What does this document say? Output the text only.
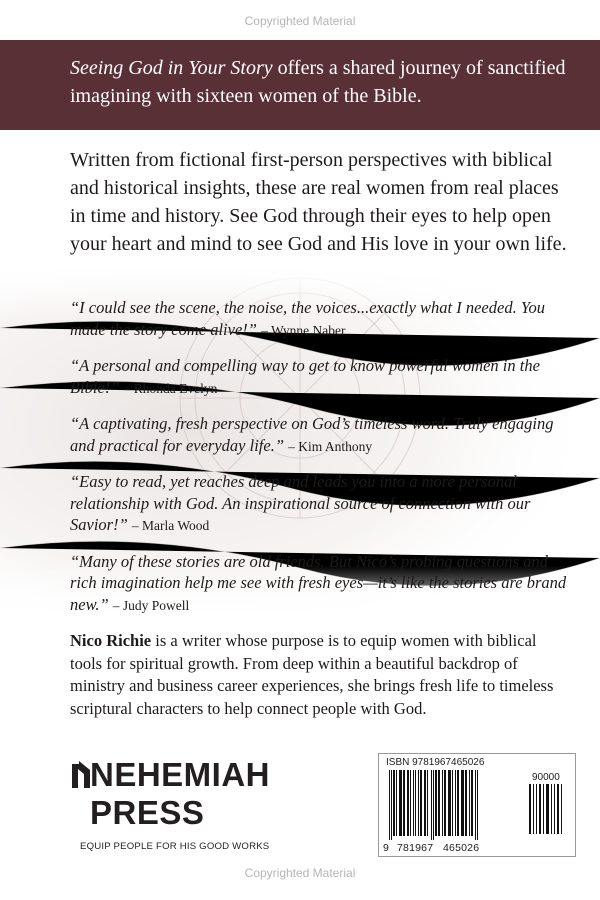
Copyrighted Material
Seeing God in Your Story offers a shared journey of sanctified imagining with sixteen women of the Bible.

Written from fictional first-person perspectives with biblical and historical insights, these are real women from real places in time and history. See God through their eyes to help open your heart and mind to see God and His love in your own life.

“I could see the scene, the noise, the voices...exactly what I needed. You made the story come alive!” – Wynne Naber

“A personal and compelling way to get to know powerful women in the Bible!” – Rhonda Evelyn

“A captivating, fresh perspective on God’s timeless word. Truly engaging and practical for everyday life.” – Kim Anthony

“Easy to read, yet reaches deep and leads you into a more personal relationship with God. An inspirational source of connection with our Savior!” – Marla Wood

“Many of these stories are old friends. But Nico’s probing questions and rich imagination help me see with fresh eyes—it’s like the stories are brand new.” – Judy Powell

Nico Richie is a writer whose purpose is to equip women with biblical tools for spiritual growth. From deep within a beautiful backdrop of ministry and business career experiences, she brings fresh life to timeless scriptural characters to help connect people with God.

NEHEMIAH
PRESS
EQUIP PEOPLE FOR HIS GOOD WORKS
ISBN 9781967465026
90000
9 781967 465026
Copyrighted Material
